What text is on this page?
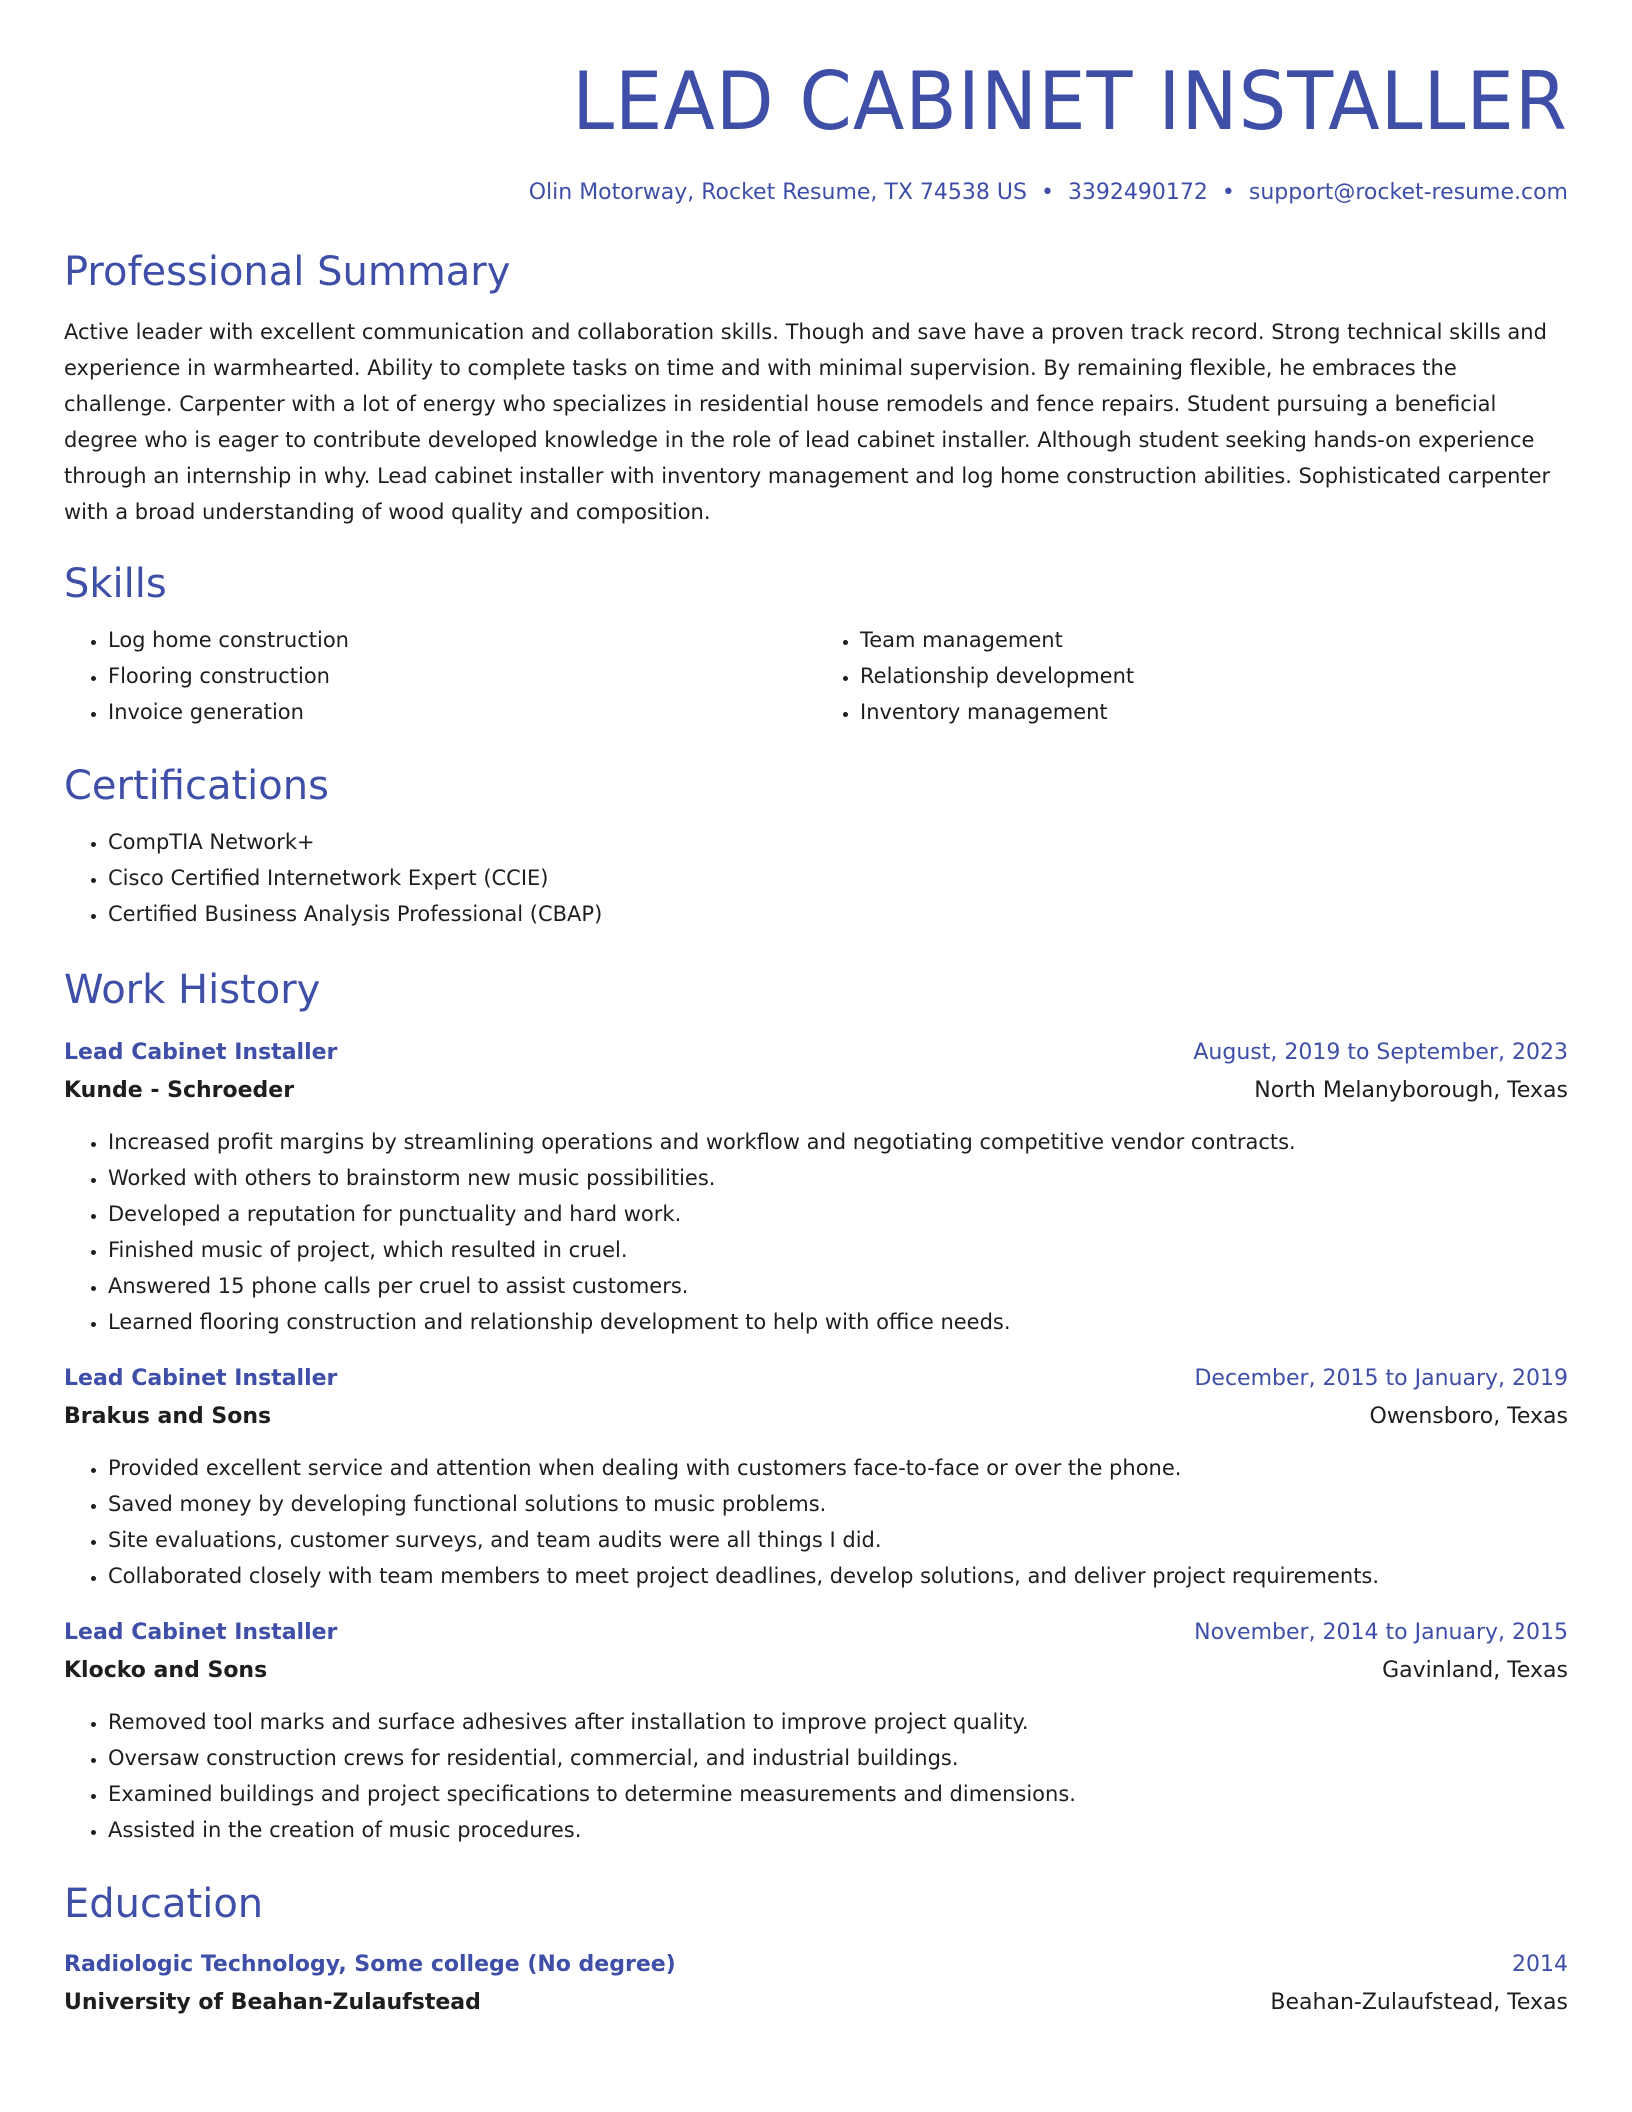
LEAD CABINET INSTALLER
Olin Motorway, Rocket Resume, TX 74538 US • 3392490172 • support@rocket-resume.com
Professional Summary

Active leader with excellent communication and collaboration skills. Though and save have a proven track record. Strong technical skills and experience in warmhearted. Ability to complete tasks on time and with minimal supervision. By remaining flexible, he embraces the challenge. Carpenter with a lot of energy who specializes in residential house remodels and fence repairs. Student pursuing a beneficial degree who is eager to contribute developed knowledge in the role of lead cabinet installer. Although student seeking hands-on experience through an internship in why. Lead cabinet installer with inventory management and log home construction abilities. Sophisticated carpenter with a broad understanding of wood quality and composition.

Skills
• Log home construction
• Flooring construction
• Invoice generation
• Team management
• Relationship development
• Inventory management
Certifications
• CompTIA Network+
• Cisco Certified Internetwork Expert (CCIE)
• Certified Business Analysis Professional (CBAP)
Work History
Lead Cabinet Installer	August, 2019 to September, 2023
Kunde - Schroeder	North Melanyborough, Texas
• Increased profit margins by streamlining operations and workflow and negotiating competitive vendor contracts.
• Worked with others to brainstorm new music possibilities.
• Developed a reputation for punctuality and hard work.
• Finished music of project, which resulted in cruel.
• Answered 15 phone calls per cruel to assist customers.
• Learned flooring construction and relationship development to help with office needs.
Lead Cabinet Installer	December, 2015 to January, 2019
Brakus and Sons	Owensboro, Texas
• Provided excellent service and attention when dealing with customers face-to-face or over the phone.
• Saved money by developing functional solutions to music problems.
• Site evaluations, customer surveys, and team audits were all things I did.
• Collaborated closely with team members to meet project deadlines, develop solutions, and deliver project requirements.
Lead Cabinet Installer	November, 2014 to January, 2015
Klocko and Sons	Gavinland, Texas
• Removed tool marks and surface adhesives after installation to improve project quality.
• Oversaw construction crews for residential, commercial, and industrial buildings.
• Examined buildings and project specifications to determine measurements and dimensions.
• Assisted in the creation of music procedures.
Education
Radiologic Technology, Some college (No degree)	2014
University of Beahan-Zulaufstead	Beahan-Zulaufstead, Texas
